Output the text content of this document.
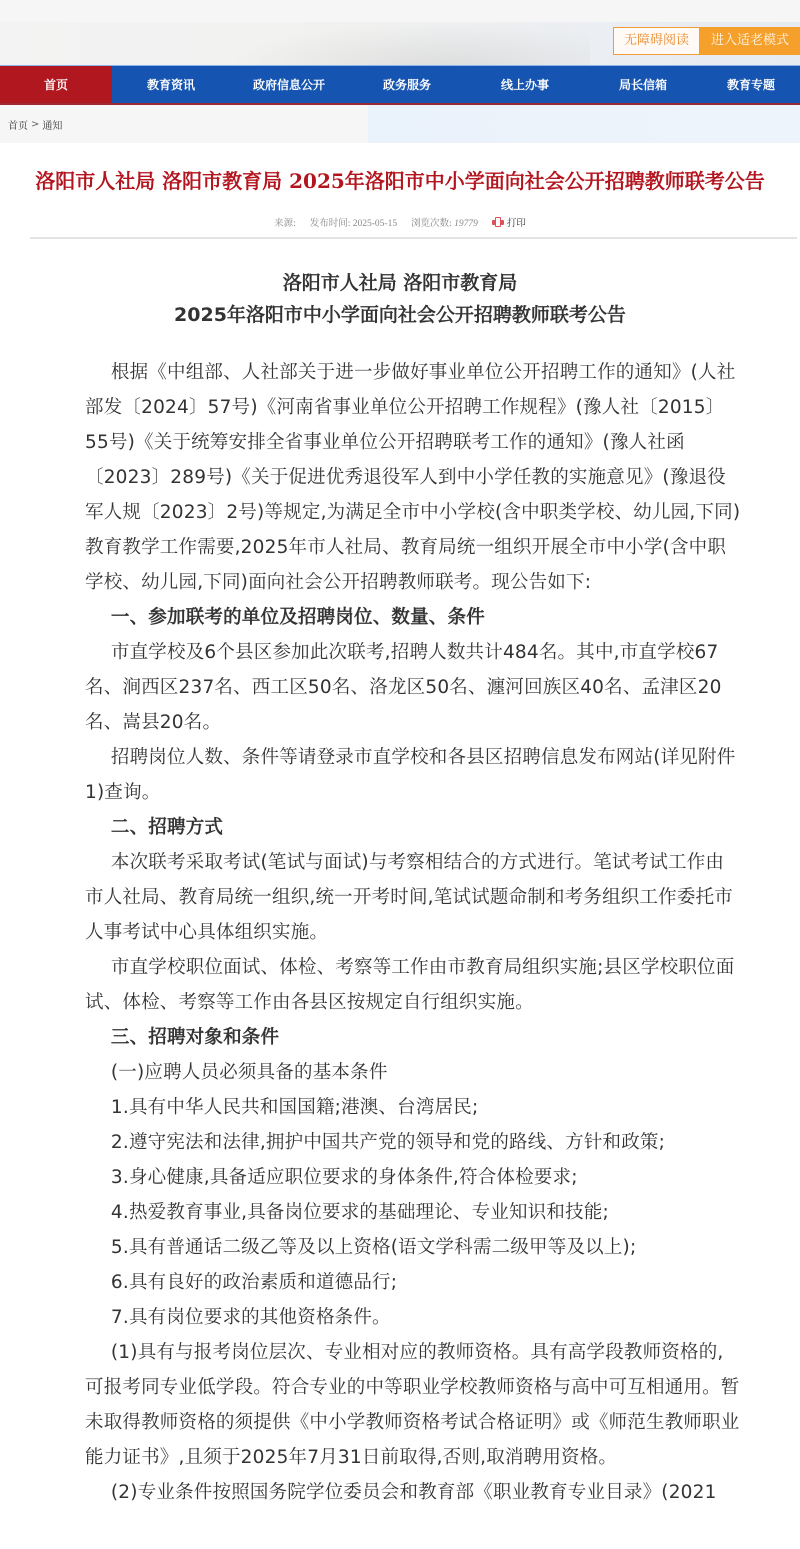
无障碍阅读	进入适老模式
首页	教育资讯	政府信息公开	政务服务	线上办事	局长信箱	教育专题
首页 > 通知
洛阳市人社局 洛阳市教育局 2025年洛阳市中小学面向社会公开招聘教师联考公告
来源: 发布时间: 2025-05-15 浏览次数: 19779	打印
洛阳市人社局 洛阳市教育局
2025年洛阳市中小学面向社会公开招聘教师联考公告

根据《中组部、人社部关于进一步做好事业单位公开招聘工作的通知》(人社部发〔2024〕57号)《河南省事业单位公开招聘工作规程》(豫人社〔2015〕55号)《关于统筹安排全省事业单位公开招聘联考工作的通知》(豫人社函〔2023〕289号)《关于促进优秀退役军人到中小学任教的实施意见》(豫退役军人规〔2023〕2号)等规定,为满足全市中小学校(含中职类学校、幼儿园,下同)教育教学工作需要,2025年市人社局、教育局统一组织开展全市中小学(含中职学校、幼儿园,下同)面向社会公开招聘教师联考。现公告如下:

一、参加联考的单位及招聘岗位、数量、条件

市直学校及6个县区参加此次联考,招聘人数共计484名。其中,市直学校67名、涧西区237名、西工区50名、洛龙区50名、瀍河回族区40名、孟津区20名、嵩县20名。

招聘岗位人数、条件等请登录市直学校和各县区招聘信息发布网站(详见附件1)查询。

二、招聘方式

本次联考采取考试(笔试与面试)与考察相结合的方式进行。笔试考试工作由市人社局、教育局统一组织,统一开考时间,笔试试题命制和考务组织工作委托市人事考试中心具体组织实施。

市直学校职位面试、体检、考察等工作由市教育局组织实施;县区学校职位面试、体检、考察等工作由各县区按规定自行组织实施。

三、招聘对象和条件

(一)应聘人员必须具备的基本条件

1.具有中华人民共和国国籍;港澳、台湾居民;

2.遵守宪法和法律,拥护中国共产党的领导和党的路线、方针和政策;

3.身心健康,具备适应职位要求的身体条件,符合体检要求;

4.热爱教育事业,具备岗位要求的基础理论、专业知识和技能;

5.具有普通话二级乙等及以上资格(语文学科需二级甲等及以上);

6.具有良好的政治素质和道德品行;

7.具有岗位要求的其他资格条件。

(1)具有与报考岗位层次、专业相对应的教师资格。具有高学段教师资格的,可报考同专业低学段。符合专业的中等职业学校教师资格与高中可互相通用。暂未取得教师资格的须提供《中小学教师资格考试合格证明》或《师范生教师职业能力证书》,且须于2025年7月31日前取得,否则,取消聘用资格。

(2)专业条件按照国务院学位委员会和教育部《职业教育专业目录》(2021
